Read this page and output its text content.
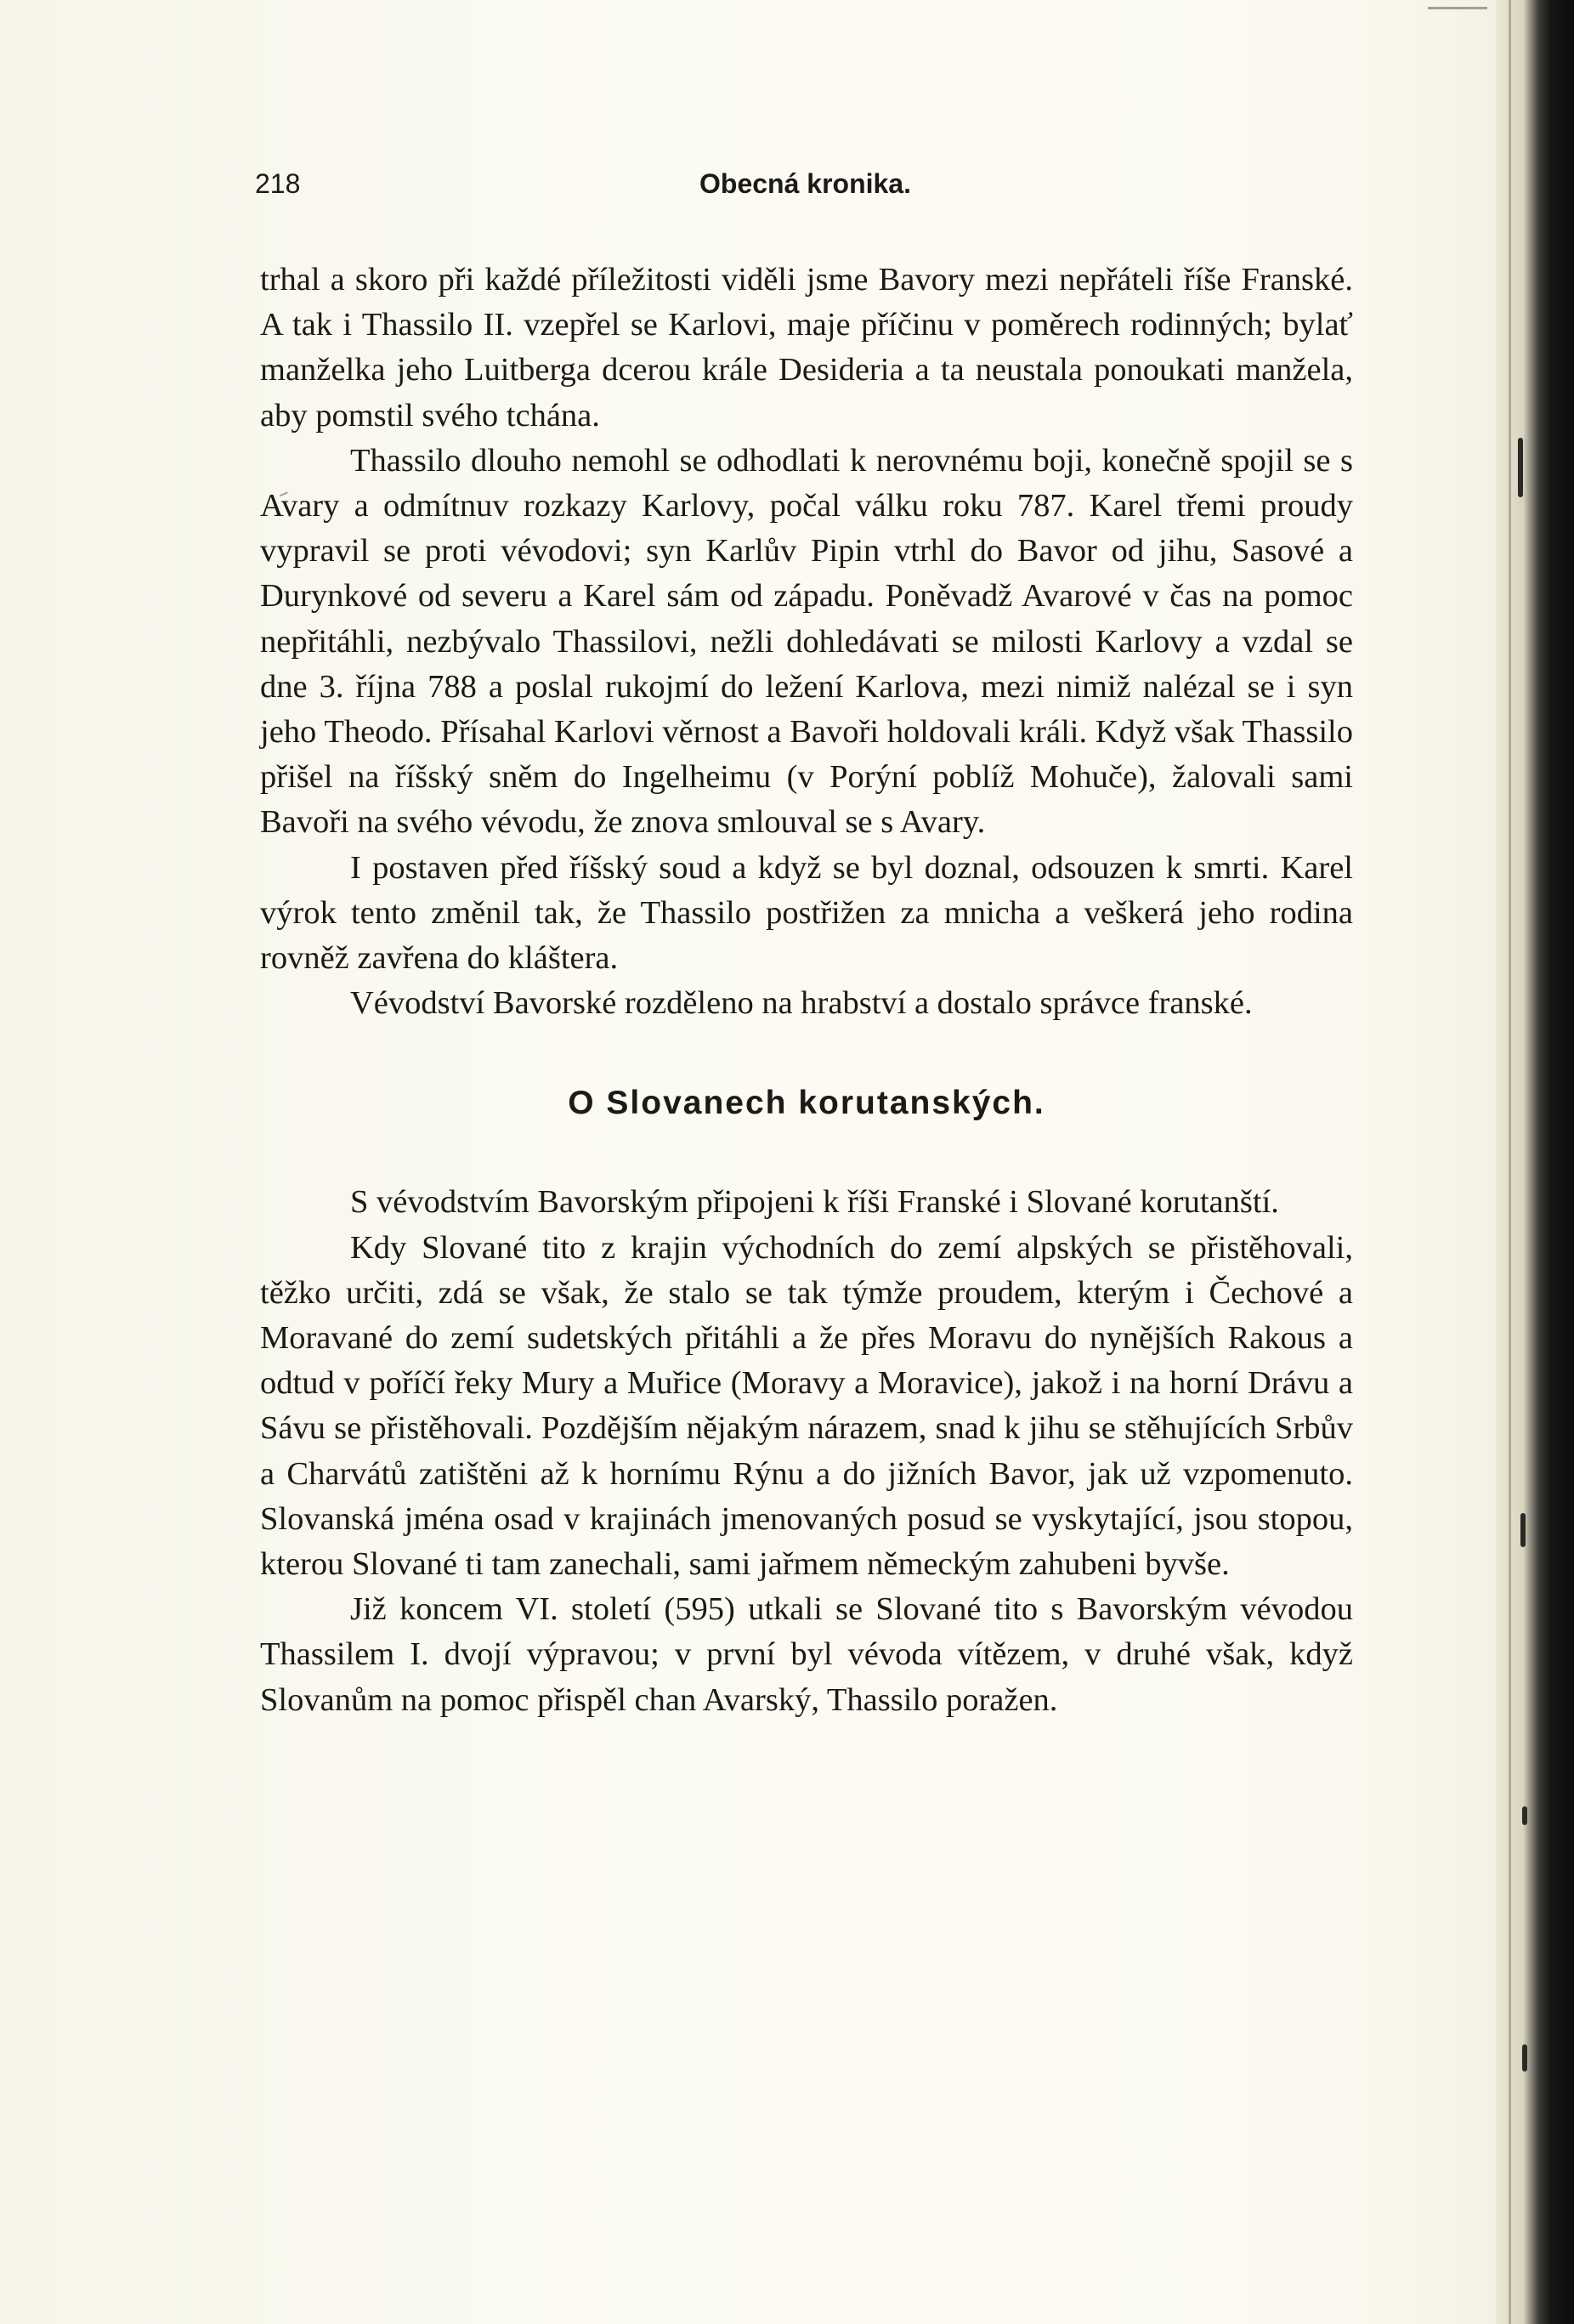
218	Obecná kronika.

trhal a skoro při každé příležitosti viděli jsme Bavory mezi nepřáteli říše Franské. A tak i Thassilo II. vzepřel se Karlovi, maje příčinu v poměrech rodinných; bylať manželka jeho Luitberga dcerou krále Desideria a ta neustala ponoukati manžela, aby pomstil svého tchána.

Thassilo dlouho nemohl se odhodlati k nerovnému boji, konečně spojil se s Avary a odmítnuv rozkazy Karlovy, počal válku roku 787. Karel třemi proudy vypravil se proti vévodovi; syn Karlův Pipin vtrhl do Bavor od jihu, Sasové a Durynkové od severu a Karel sám od západu. Poněvadž Avarové v čas na pomoc nepřitáhli, nezbývalo Thassilovi, nežli dohledávati se milosti Karlovy a vzdal se dne 3. října 788 a poslal rukojmí do ležení Karlova, mezi nimiž nalézal se i syn jeho Theodo. Přísahal Karlovi věrnost a Bavoři holdovali králi. Když však Thassilo přišel na říšský sněm do Ingelheimu (v Porýní poblíž Mohuče), žalovali sami Bavoři na svého vévodu, že znova smlouval se s Avary.

I postaven před říšský soud a když se byl doznal, odsouzen k smrti. Karel výrok tento změnil tak, že Thassilo postřižen za mnicha a veškerá jeho rodina rovněž zavřena do kláštera.

Vévodství Bavorské rozděleno na hrabství a dostalo správce franské.

O Slovanech korutanských.

S vévodstvím Bavorským připojeni k říši Franské i Slované korutanští.

Kdy Slované tito z krajin východních do zemí alpských se přistěhovali, těžko určiti, zdá se však, že stalo se tak týmže proudem, kterým i Čechové a Moravané do zemí sudetských přitáhli a že přes Moravu do nynějších Rakous a odtud v poříčí řeky Mury a Muřice (Moravy a Moravice), jakož i na horní Drávu a Sávu se přistěhovali. Pozdějším nějakým nárazem, snad k jihu se stěhujících Srbův a Charvátů zatištěni až k hornímu Rýnu a do jižních Bavor, jak už vzpomenuto. Slovanská jména osad v krajinách jmenovaných posud se vyskytající, jsou stopou, kterou Slované ti tam zanechali, sami jařmem německým zahubeni byvše.

Již koncem VI. století (595) utkali se Slované tito s Bavorským vévodou Thassilem I. dvojí výpravou; v první byl vévoda vítězem, v druhé však, když Slovanům na pomoc přispěl chan Avarský, Thassilo poražen.
